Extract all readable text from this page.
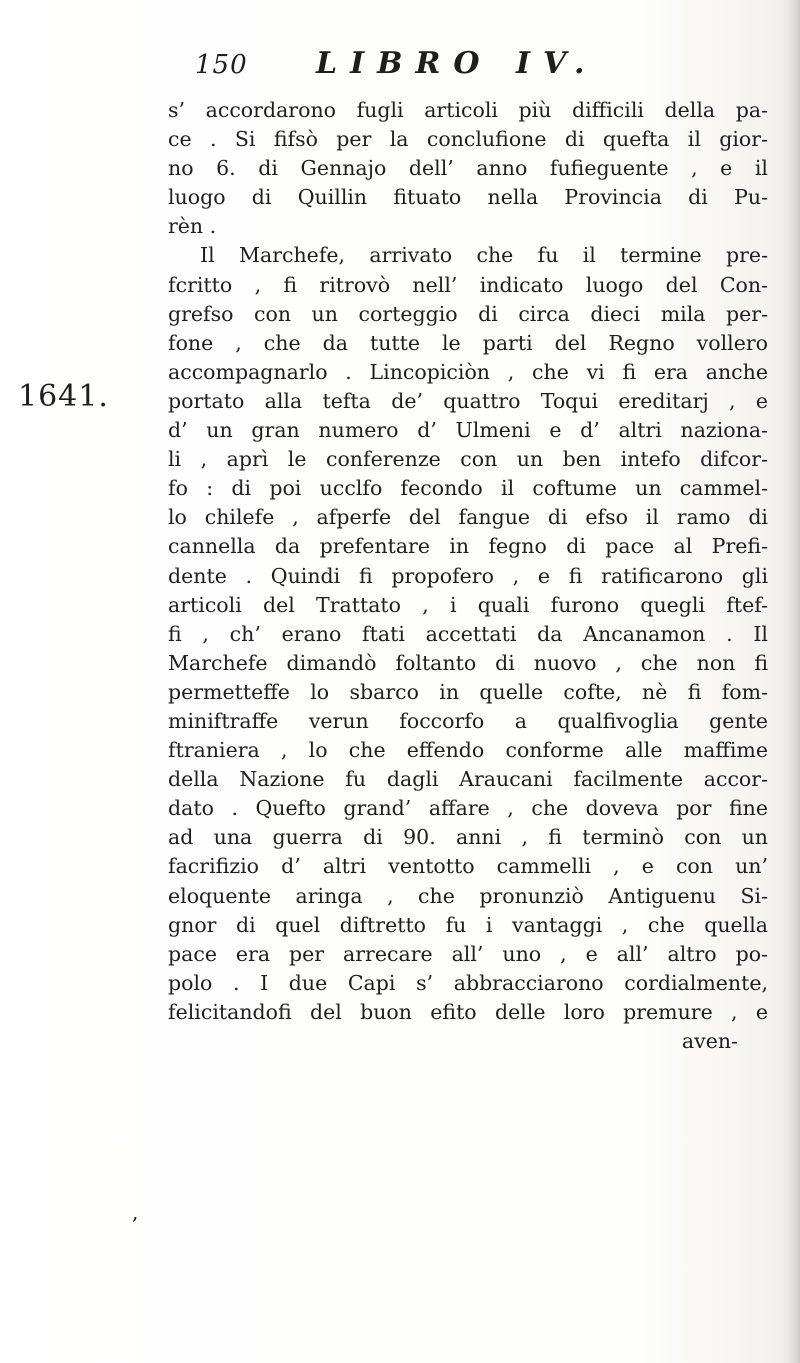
150 LIBRO IV.
1641.
,
s’ accordarono fugli articoli più difficili della pa-
ce . Si fifsò per la conclufione di quefta il gior-
no 6. di Gennajo dell’ anno fufieguente , e il
luogo di Quillin fituato nella Provincia di Pu-
rèn .
Il Marchefe, arrivato che fu il termine pre-
fcritto , fi ritrovò nell’ indicato luogo del Con-
grefso con un corteggio di circa dieci mila per-
fone , che da tutte le parti del Regno vollero
accompagnarlo . Lincopiciòn , che vi fi era anche
portato alla tefta de’ quattro Toqui ereditarj , e
d’ un gran numero d’ Ulmeni e d’ altri naziona-
li , aprì le conferenze con un ben intefo difcor-
fo : di poi ucclfo fecondo il coftume un cammel-
lo chilefe , afperfe del fangue di efso il ramo di
cannella da prefentare in fegno di pace al Prefi-
dente . Quindi fi propofero , e fi ratificarono gli
articoli del Trattato , i quali furono quegli ftef-
fi , ch’ erano ftati accettati da Ancanamon . Il
Marchefe dimandò foltanto di nuovo , che non fi
permetteffe lo sbarco in quelle cofte, nè fi fom-
miniftraffe verun foccorfo a qualfivoglia gente
ftraniera , lo che effendo conforme alle maffime
della Nazione fu dagli Araucani facilmente accor-
dato . Quefto grand’ affare , che doveva por fine
ad una guerra di 90. anni , fi terminò con un
facrifizio d’ altri ventotto cammelli , e con un’
eloquente aringa , che pronunziò Antiguenu Si-
gnor di quel diftretto fu i vantaggi , che quella
pace era per arrecare all’ uno , e all’ altro po-
polo . I due Capi s’ abbracciarono cordialmente,
felicitandofi del buon efito delle loro premure , e
aven-
